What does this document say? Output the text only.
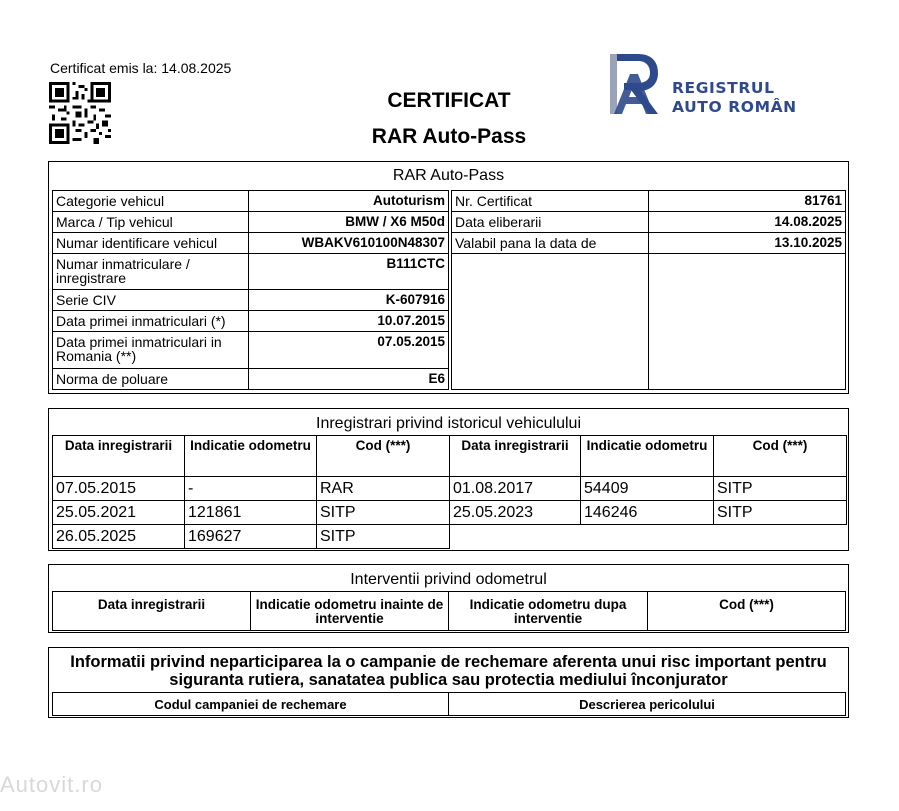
Certificat emis la: 14.08.2025
CERTIFICAT
RAR Auto-Pass
REGISTRUL
AUTO ROMÂN
RAR Auto-Pass
Categorie vehicul	Autoturism
Marca / Tip vehicul	BMW / X6 M50d
Numar identificare vehicul	WBAKV610100N48307
Numar inmatriculare / inregistrare	B111CTC
Serie CIV	K-607916
Data primei inmatriculari (*)	10.07.2015
Data primei inmatriculari in Romania (**)	07.05.2015
Norma de poluare	E6
Nr. Certificat	81761
Data eliberarii	14.08.2025
Valabil pana la data de	13.10.2025

Inregistrari privind istoricul vehiculului
Data inregistrarii	Indicatie odometru	Cod (***)	Data inregistrarii	Indicatie odometru	Cod (***)
07.05.2015	-	RAR	01.08.2017	54409	SITP
25.05.2021	121861	SITP	25.05.2023	146246	SITP
26.05.2025	169627	SITP			
Interventii privind odometrul
Data inregistrarii	Indicatie odometru inainte de interventie	Indicatie odometru dupa interventie	Cod (***)
Informatii privind neparticiparea la o campanie de rechemare aferenta unui risc important pentru siguranta rutiera, sanatatea publica sau protectia mediului înconjurator
Codul campaniei de rechemare	Descrierea pericolului
Autovit.ro
